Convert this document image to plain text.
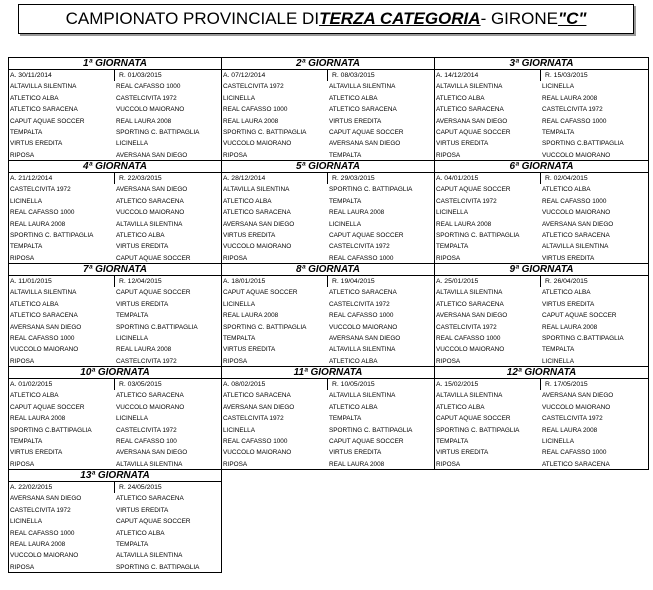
CAMPIONATO PROVINCIALE DI TERZA CATEGORIA - GIRONE "C"
1ª GIORNATA
A. 30/11/2014	R. 01/03/2015
ALTAVILLA SILENTINA	REAL CAFASSO 1000
ATLETICO ALBA	CASTELCIVITA 1972
ATLETICO SARACENA	VUCCOLO MAIORANO
CAPUT AQUAE SOCCER	REAL LAURA 2008
TEMPALTA	SPORTING C. BATTIPAGLIA
VIRTUS EREDITA	LICINELLA
RIPOSA	AVERSANA SAN DIEGO
2ª GIORNATA
A. 07/12/2014	R. 08/03/2015
CASTELCIVITA 1972	ALTAVILLA SILENTINA
LICINELLA	ATLETICO ALBA
REAL CAFASSO 1000	ATLETICO SARACENA
REAL LAURA 2008	VIRTUS EREDITA
SPORTING C. BATTIPAGLIA	CAPUT AQUAE SOCCER
VUCCOLO MAIORANO	AVERSANA SAN DIEGO
RIPOSA	TEMPALTA
3ª GIORNATA
A. 14/12/2014	R. 15/03/2015
ALTAVILLA SILENTINA	LICINELLA
ATLETICO ALBA	REAL LAURA 2008
ATLETICO SARACENA	CASTELCIVITA 1972
AVERSANA SAN DIEGO	REAL CAFASSO 1000
CAPUT AQUAE SOCCER	TEMPALTA
VIRTUS EREDITA	SPORTING C.BATTIPAGLIA
RIPOSA	VUCCOLO MAIORANO
4ª GIORNATA
A. 21/12/2014	R. 22/03/2015
CASTELCIVITA 1972	AVERSANA SAN DIEGO
LICINELLA	ATLETICO SARACENA
REAL CAFASSO 1000	VUCCOLO MAIORANO
REAL LAURA 2008	ALTAVILLA SILENTINA
SPORTING C. BATTIPAGLIA	ATLETICO ALBA
TEMPALTA	VIRTUS EREDITA
RIPOSA	CAPUT AQUAE SOCCER
5ª GIORNATA
A. 28/12/2014	R. 29/03/2015
ALTAVILLA SILENTINA	SPORTING C. BATTIPAGLIA
ATLETICO ALBA	TEMPALTA
ATLETICO SARACENA	REAL LAURA 2008
AVERSANA SAN DIEGO	LICINELLA
VIRTUS EREDITA	CAPUT AQUAE SOCCER
VUCCOLO MAIORANO	CASTELCIVITA 1972
RIPOSA	REAL CAFASSO 1000
6ª GIORNATA
A. 04/01/2015	R. 02/04/2015
CAPUT AQUAE SOCCER	ATLETICO ALBA
CASTELCIVITA 1972	REAL CAFASSO 1000
LICINELLA	VUCCOLO MAIORANO
REAL LAURA 2008	AVERSANA SAN DIEGO
SPORTING C. BATTIPAGLIA	ATLETICO SARACENA
TEMPALTA	ALTAVILLA SILENTINA
RIPOSA	VIRTUS EREDITA
7ª GIORNATA
A. 11/01/2015	R. 12/04/2015
ALTAVILLA SILENTINA	CAPUT AQUAE SOCCER
ATLETICO ALBA	VIRTUS EREDITA
ATLETICO SARACENA	TEMPALTA
AVERSANA SAN DIEGO	SPORTING C.BATTIPAGLIA
REAL CAFASSO 1000	LICINELLA
VUCCOLO MAIORANO	REAL LAURA 2008
RIPOSA	CASTELCIVITA 1972
8ª GIORNATA
A. 18/01/2015	R. 19/04/2015
CAPUT AQUAE SOCCER	ATLETICO SARACENA
LICINELLA	CASTELCIVITA 1972
REAL LAURA 2008	REAL CAFASSO 1000
SPORTING C. BATTIPAGLIA	VUCCOLO MAIORANO
TEMPALTA	AVERSANA SAN DIEGO
VIRTUS EREDITA	ALTAVILLA SILENTINA
RIPOSA	ATLETICO ALBA
9ª GIORNATA
A. 25/01/2015	R. 26/04/2015
ALTAVILLA SILENTINA	ATLETICO ALBA
ATLETICO SARACENA	VIRTUS EREDITA
AVERSANA SAN DIEGO	CAPUT AQUAE SOCCER
CASTELCIVITA 1972	REAL LAURA 2008
REAL CAFASSO 1000	SPORTING C.BATTIPAGLIA
VUCCOLO MAIORANO	TEMPALTA
RIPOSA	LICINELLA
10ª GIORNATA
A. 01/02/2015	R. 03/05/2015
ATLETICO ALBA	ATLETICO SARACENA
CAPUT AQUAE SOCCER	VUCCOLO MAIORANO
REAL LAURA 2008	LICINELLA
SPORTING C.BATTIPAGLIA	CASTELCIVITA 1972
TEMPALTA	REAL CAFASSO 100
VIRTUS EREDITA	AVERSANA SAN DIEGO
RIPOSA	ALTAVILLA SILENTINA
11ª GIORNATA
A. 08/02/2015	R. 10/05/2015
ATLETICO SARACENA	ALTAVILLA SILENTINA
AVERSANA SAN DIEGO	ATLETICO ALBA
CASTELCIVITA 1972	TEMPALTA
LICINELLA	SPORTING C. BATTIPAGLIA
REAL CAFASSO 1000	CAPUT AQUAE SOCCER
VUCCOLO MAIORANO	VIRTUS EREDITA
RIPOSA	REAL LAURA 2008
12ª GIORNATA
A. 15/02/2015	R. 17/05/2015
ALTAVILLA SILENTINA	AVERSANA SAN DIEGO
ATLETICO ALBA	VUCCOLO MAIORANO
CAPUT AQUAE SOCCER	CASTELCIVITA 1972
SPORTING C. BATTIPAGLIA	REAL LAURA 2008
TEMPALTA	LICINELLA
VIRTUS EREDITA	REAL CAFASSO 1000
RIPOSA	ATLETICO SARACENA
13ª GIORNATA
A. 22/02/2015	R. 24/05/2015
AVERSANA SAN DIEGO	ATLETICO SARACENA
CASTELCIVITA 1972	VIRTUS EREDITA
LICINELLA	CAPUT AQUAE SOCCER
REAL CAFASSO 1000	ATLETICO ALBA
REAL LAURA 2008	TEMPALTA
VUCCOLO MAIORANO	ALTAVILLA SILENTINA
RIPOSA	SPORTING C. BATTIPAGLIA
